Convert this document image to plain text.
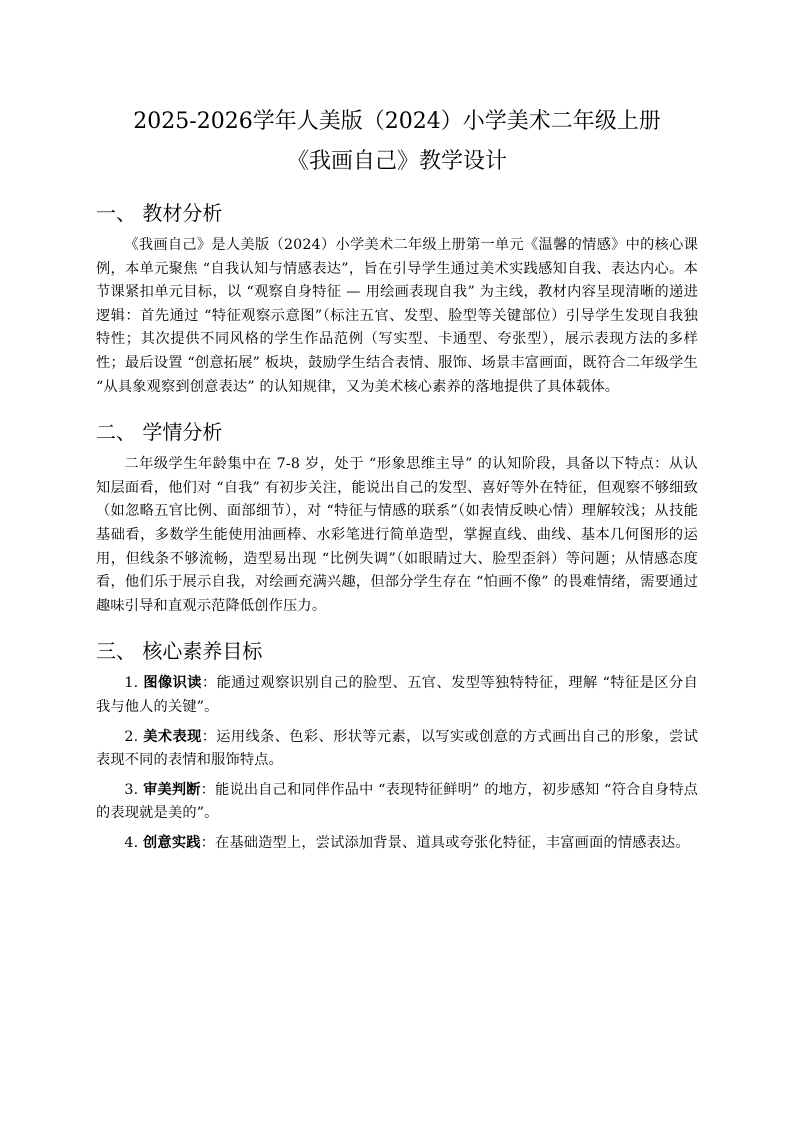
2025-2026学年人美版（2024）小学美术二年级上册
《我画自己》教学设计
一、 教材分析

《我画自己》是人美版（2024）小学美术二年级上册第一单元《温馨的情感》中的核心课例，本单元聚焦 “自我认知与情感表达”，旨在引导学生通过美术实践感知自我、表达内心。本节课紧扣单元目标，以 “观察自身特征 — 用绘画表现自我” 为主线，教材内容呈现清晰的递进逻辑：首先通过 “特征观察示意图”（标注五官、发型、脸型等关键部位）引导学生发现自我独特性；其次提供不同风格的学生作品范例（写实型、卡通型、夸张型），展示表现方法的多样性；最后设置 “创意拓展” 板块，鼓励学生结合表情、服饰、场景丰富画面，既符合二年级学生 “从具象观察到创意表达” 的认知规律，又为美术核心素养的落地提供了具体载体。

二、 学情分析

二年级学生年龄集中在 7-8 岁，处于 “形象思维主导” 的认知阶段，具备以下特点：从认知层面看，他们对 “自我” 有初步关注，能说出自己的发型、喜好等外在特征，但观察不够细致（如忽略五官比例、面部细节），对 “特征与情感的联系”（如表情反映心情）理解较浅；从技能基础看，多数学生能使用油画棒、水彩笔进行简单造型，掌握直线、曲线、基本几何图形的运用，但线条不够流畅，造型易出现 “比例失调”（如眼睛过大、脸型歪斜）等问题；从情感态度看，他们乐于展示自我，对绘画充满兴趣，但部分学生存在 “怕画不像” 的畏难情绪，需要通过趣味引导和直观示范降低创作压力。

三、 核心素养目标

1. 图像识读：能通过观察识别自己的脸型、五官、发型等独特特征，理解 “特征是区分自我与他人的关键”。

2. 美术表现：运用线条、色彩、形状等元素，以写实或创意的方式画出自己的形象，尝试表现不同的表情和服饰特点。

3. 审美判断：能说出自己和同伴作品中 “表现特征鲜明” 的地方，初步感知 “符合自身特点的表现就是美的”。

4. 创意实践：在基础造型上，尝试添加背景、道具或夸张化特征，丰富画面的情感表达。
